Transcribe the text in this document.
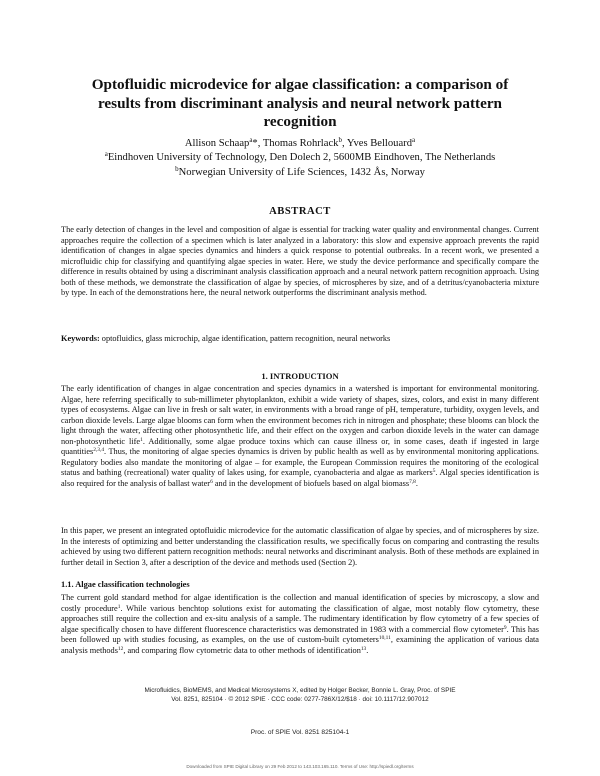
Optofluidic microdevice for algae classification: a comparison of results from discriminant analysis and neural network pattern recognition
Allison Schaap$^a$*, Thomas Rohrlack$^b$, Yves Bellouard$^a$
$^a$Eindhoven University of Technology, Den Dolech 2, 5600MB Eindhoven, The Netherlands
$^b$Norwegian University of Life Sciences, 1432 Ås, Norway
ABSTRACT
The early detection of changes in the level and composition of algae is essential for tracking water quality and environmental changes. Current approaches require the collection of a specimen which is later analyzed in a laboratory: this slow and expensive approach prevents the rapid identification of changes in algae species dynamics and hinders a quick response to potential outbreaks. In a recent work, we presented a microfluidic chip for classifying and quantifying algae species in water. Here, we study the device performance and specifically compare the difference in results obtained by using a discriminant analysis classification approach and a neural network pattern recognition approach. Using both of these methods, we demonstrate the classification of algae by species, of microspheres by size, and of a detritus/cyanobacteria mixture by type. In each of the demonstrations here, the neural network outperforms the discriminant analysis method.
Keywords: optofluidics, glass microchip, algae identification, pattern recognition, neural networks
1. INTRODUCTION
The early identification of changes in algae concentration and species dynamics in a watershed is important for environmental monitoring. Algae, here referring specifically to sub-millimeter phytoplankton, exhibit a wide variety of shapes, sizes, colors, and exist in many different types of ecosystems. Algae can live in fresh or salt water, in environments with a broad range of pH, temperature, turbidity, oxygen levels, and carbon dioxide levels. Large algae blooms can form when the environment becomes rich in nitrogen and phosphate; these blooms can block the light through the water, affecting other photosynthetic life, and their effect on the oxygen and carbon dioxide levels in the water can damage non-photosynthetic life$^1$. Additionally, some algae produce toxins which can cause illness or, in some cases, death if ingested in large quantities$^{2,3,4}$. Thus, the monitoring of algae species dynamics is driven by public health as well as by environmental monitoring applications. Regulatory bodies also mandate the monitoring of algae – for example, the European Commission requires the monitoring of the ecological status and bathing (recreational) water quality of lakes using, for example, cyanobacteria and algae as markers$^5$. Algal species identification is also required for the analysis of ballast water$^6$ and in the development of biofuels based on algal biomass$^{7,8}$.
In this paper, we present an integrated optofluidic microdevice for the automatic classification of algae by species, and of microspheres by size. In the interests of optimizing and better understanding the classification results, we specifically focus on comparing and contrasting the results achieved by using two different pattern recognition methods: neural networks and discriminant analysis. Both of these methods are explained in further detail in Section 3, after a description of the device and methods used (Section 2).
1.1. Algae classification technologies
The current gold standard method for algae identification is the collection and manual identification of species by microscopy, a slow and costly procedure$^1$. While various benchtop solutions exist for automating the classification of algae, most notably flow cytometry, these approaches still require the collection and ex-situ analysis of a sample. The rudimentary identification by flow cytometry of a few species of algae specifically chosen to have different fluorescence characteristics was demonstrated in 1983 with a commercial flow cytometer$^9$. This has been followed up with studies focusing, as examples, on the use of custom-built cytometers$^{10,11}$, examining the application of various data analysis methods$^{12}$, and comparing flow cytometric data to other methods of identification$^{13}$.
Microfluidics, BioMEMS, and Medical Microsystems X, edited by Holger Becker, Bonnie L. Gray, Proc. of SPIE
Vol. 8251, 825104 · © 2012 SPIE · CCC code: 0277-786X/12/$18 · doi: 10.1117/12.907012
Proc. of SPIE Vol. 8251 825104-1
Downloaded from SPIE Digital Library on 29 Feb 2012 to 143.103.165.110. Terms of Use: http://spiedl.org/terms
